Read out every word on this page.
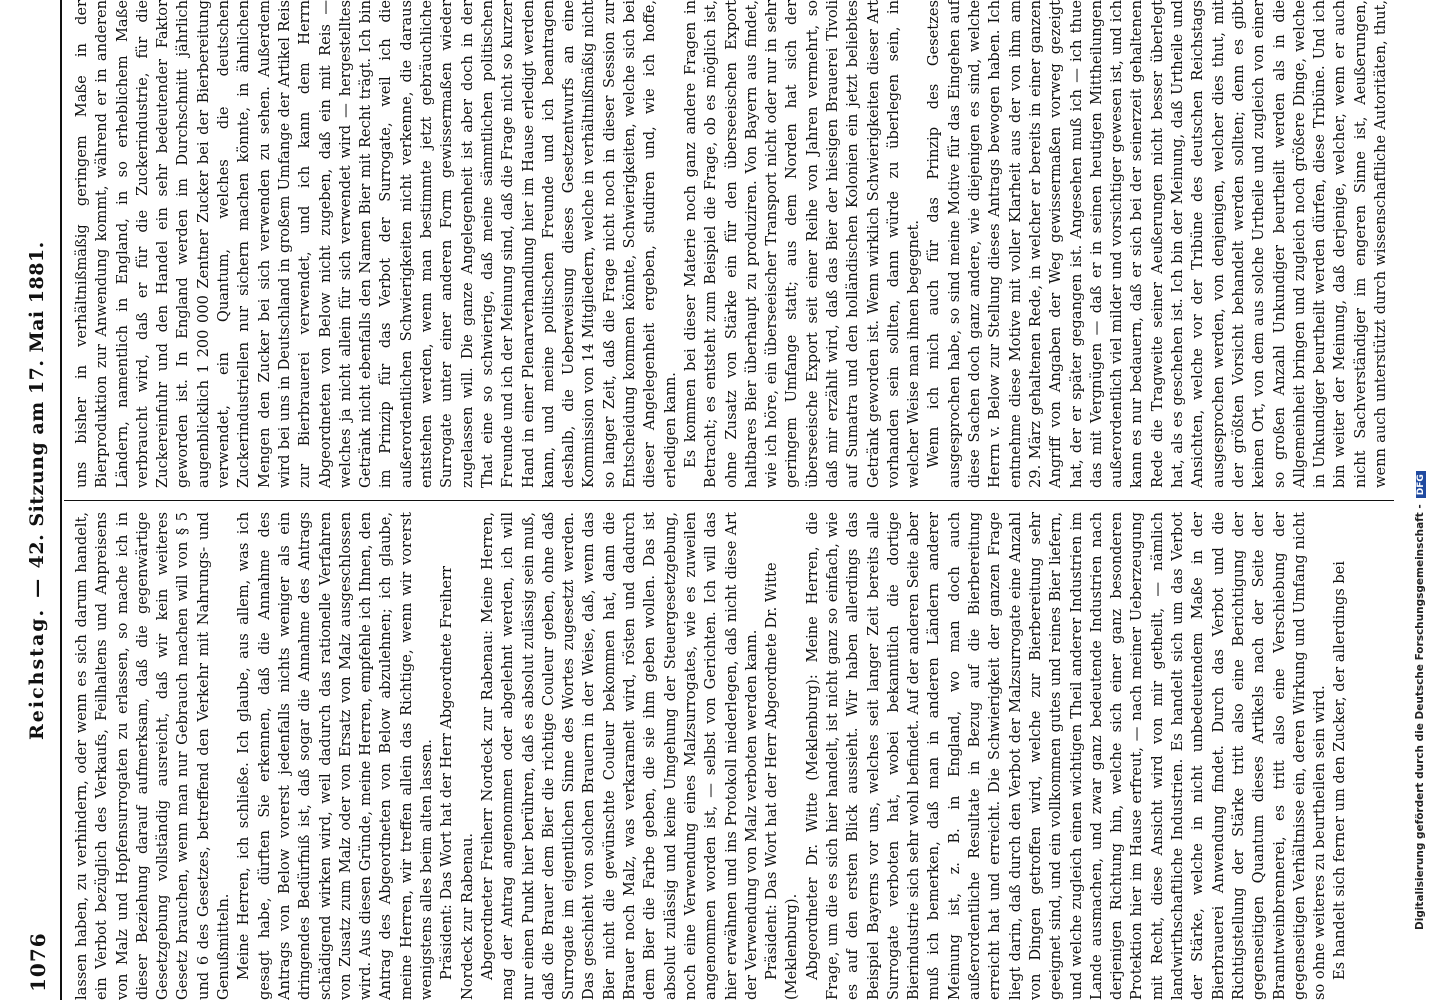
1076
Reichstag.—42. Sitzung am 17. Mai 1881.

lassen haben, zu verhindern, oder wenn es sich darum handelt, ein Verbot bezüglich des Verkaufs, Feilhaltens und Anpreisens von Malz und Hopfensurrogaten zu erlassen, so mache ich in dieser Beziehung darauf aufmerksam, daß die gegenwärtige Gesetzgebung vollständig ausreicht, daß wir kein weiteres Gesetz brauchen, wenn man nur Gebrauch machen will von § 5 und 6 des Gesetzes, betreffend den Verkehr mit Nahrungs- und Genußmitteln. Meine Herren, ich schließe. Ich glaube, aus allem, was ich gesagt habe, dürften Sie erkennen, daß die Annahme des Antrags von Below vorerst jedenfalls nichts weniger als ein dringendes Bedürfniß ist, daß sogar die Annahme des Antrags schädigend wirken wird, weil dadurch das rationelle Verfahren von Zusatz zum Malz oder von Ersatz von Malz ausgeschlossen wird. Aus diesen Gründe, meine Herren, empfehle ich Ihnen, den Antrag des Abgeordneten von Below abzulehnen; ich glaube, meine Herren, wir treffen allein das Richtige, wenn wir vorerst wenigstens alles beim alten lassen. Präsident: Das Wort hat der Herr Abgeordnete Freiherr Nordeck zur Rabenau. Abgeordneter Freiherr Nordeck zur Rabenau: Meine Herren, mag der Antrag angenommen oder abgelehnt werden, ich will nur einen Punkt hier berühren, daß es absolut zulässig sein muß, daß die Brauer dem Bier die richtige Couleur geben, ohne daß Surrogate im eigentlichen Sinne des Wortes zugesetzt werden. Das geschieht von solchen Brauern in der Weise, daß, wenn das Bier nicht die gewünschte Couleur bekommen hat, dann die Brauer noch Malz, was verkaramelt wird, rösten und dadurch dem Bier die Farbe geben, die sie ihm geben wollen. Das ist absolut zulässig und keine Umgehung der Steuergesetzgebung, noch eine Verwendung eines Malzsurrogates, wie es zuweilen angenommen worden ist, — selbst von Gerichten. Ich will das hier erwähnen und ins Protokoll niederlegen, daß nicht diese Art der Verwendung von Malz verboten werden kann. Präsident: Das Wort hat der Herr Abgeordnete Dr. Witte (Meklenburg). Abgeordneter Dr. Witte (Meklenburg): Meine Herren, die Frage, um die es sich hier handelt, ist nicht ganz so einfach, wie es auf den ersten Blick aussieht. Wir haben allerdings das Beispiel Bayerns vor uns, welches seit langer Zeit bereits alle Surrogate verboten hat, wobei bekanntlich die dortige Bierindustrie sich sehr wohl befindet. Auf der anderen Seite aber muß ich bemerken, daß man in anderen Ländern anderer Meinung ist, z. B. in England, wo man doch auch außerordentliche Resultate in Bezug auf die Bierbereitung erreicht hat und erreicht. Die Schwierigkeit der ganzen Frage liegt darin, daß durch den Verbot der Malzsurrogate eine Anzahl von Dingen getroffen wird, welche zur Bierbereitung sehr geeignet sind, und ein vollkommen gutes und reines Bier liefern, und welche zugleich einen wichtigen Theil anderer Industrien im Lande ausmachen, und zwar ganz bedeutende Industrien nach derjenigen Richtung hin, welche sich einer ganz besonderen Protektion hier im Hause erfreut, — nach meiner Ueberzeugung mit Recht, diese Ansicht wird von mir getheilt, — nämlich landwirthschaftliche Industrien. Es handelt sich um das Verbot der Stärke, welche in nicht unbedeutendem Maße in der Bierbrauerei Anwendung findet. Durch das Verbot und die Richtigstellung der Stärke tritt also eine Berichtigung der gegenseitigen Quantum dieses Artikels nach der Seite der Branntweinbrennerei, es tritt also eine Verschiebung der gegenseitigen Verhältnisse ein, deren Wirkung und Umfang nicht so ohne weiteres zu beurtheilen sein wird. Es handelt sich ferner um den Zucker, der allerdings bei

uns bisher in verhältnißmäßig geringem Maße in der Bierproduktion zur Anwendung kommt, während er in anderen Ländern, namentlich in England, in so erheblichem Maße verbraucht wird, daß er für die Zuckerindustrie, für die Zuckereinfuhr und den Handel ein sehr bedeutender Faktor geworden ist. In England werden im Durchschnitt jährlich augenblicklich 1 200 000 Zentner Zucker bei der Bierbereitung verwendet, ein Quantum, welches die deutschen Zuckerindustriellen nur sichern machen könnte, in ähnlichen Mengen den Zucker bei sich verwenden zu sehen. Außerdem wird bei uns in Deutschland in großem Umfange der Artikel Reis zur Bierbrauerei verwendet, und ich kann dem Herrn Abgeordneten von Below nicht zugeben, daß ein mit Reis — welches ja nicht allein für sich verwendet wird — hergestelltes Getränk nicht ebenfalls den Namen Bier mit Recht trägt. Ich bin im Prinzip für das Verbot der Surrogate, weil ich die außerordentlichen Schwierigkeiten nicht verkenne, die daraus entstehen werden, wenn man bestimmte jetzt gebräuchliche Surrogate unter einer anderen Form gewissermaßen wieder zugelassen will. Die ganze Angelegenheit ist aber doch in der That eine so schwierige, daß meine sämmtlichen politischen Freunde und ich der Meinung sind, daß die Frage nicht so kurzer Hand in einer Plenarverhandlung hier im Hause erledigt werden kann, und meine politischen Freunde und ich beantragen deshalb, die Ueberweisung dieses Gesetzentwurfs an eine Kommission von 14 Mitgliedern, welche in verhältnißmäßig nicht so langer Zeit, daß die Frage nicht noch in dieser Session zur Entscheidung kommen könnte, Schwierigkeiten, welche sich bei dieser Angelegenheit ergeben, studiren und, wie ich hoffe, erledigen kann. Es kommen bei dieser Materie noch ganz andere Fragen in Betracht; es entsteht zum Beispiel die Frage, ob es möglich ist, ohne Zusatz von Stärke ein für den überseeischen Export haltbares Bier überhaupt zu produziren. Von Bayern aus findet, wie ich höre, ein überseeischer Transport nicht oder nur in sehr geringem Umfange statt; aus dem Norden hat sich der überseeische Export seit einer Reihe von Jahren vermehrt, so daß mir erzählt wird, daß das Bier der hiesigen Brauerei Tivoli auf Sumatra und den holländischen Kolonien ein jetzt beliebtes Getränk geworden ist. Wenn wirklich Schwierigkeiten dieser Art vorhanden sein sollten, dann würde zu überlegen sein, in welcher Weise man ihnen begegnet. Wenn ich mich auch für das Prinzip des Gesetzes ausgesprochen habe, so sind meine Motive für das Eingehen auf diese Sachen doch ganz andere, wie diejenigen es sind, welche Herrn v. Below zur Stellung dieses Antrags bewogen haben. Ich entnehme diese Motive mit voller Klarheit aus der von ihm am 29. März gehaltenen Rede, in welcher er bereits in einer ganzen Angriff von Angaben der Weg gewissermaßen vorweg gezeigt hat, der er später gegangen ist. Angesehen muß ich — ich thue das mit Vergnügen — daß er in seinen heutigen Mittheilungen außerordentlich viel milder und vorsichtiger gewesen ist, und ich kann es nur bedauern, daß er sich bei der seinerzeit gehaltenen Rede die Tragweite seiner Aeußerungen nicht besser überlegt hat, als es geschehen ist. Ich bin der Meinung, daß Urtheile und Ansichten, welche vor der Tribüne des deutschen Reichstags ausgesprochen werden, von denjenigen, welcher dies thut, mit der größten Vorsicht behandelt werden sollten; denn es gibt keinen Ort, von dem aus solche Urtheile und zugleich von einer so großen Anzahl Unkundiger beurtheilt werden als in die Allgemeinheit bringen und zugleich noch größere Dinge, welche in Unkundiger beurtheilt werden dürfen, diese Tribüne. Und ich bin weiter der Meinung, daß derjenige, welcher, wenn er auch nicht Sachverständiger im engeren Sinne ist, Aeußerungen, wenn auch unterstützt durch wissenschaftliche Autoritäten, thut,

Digitalisierung gefördert durch die Deutsche Forschungsgemeinschaft -DFG
